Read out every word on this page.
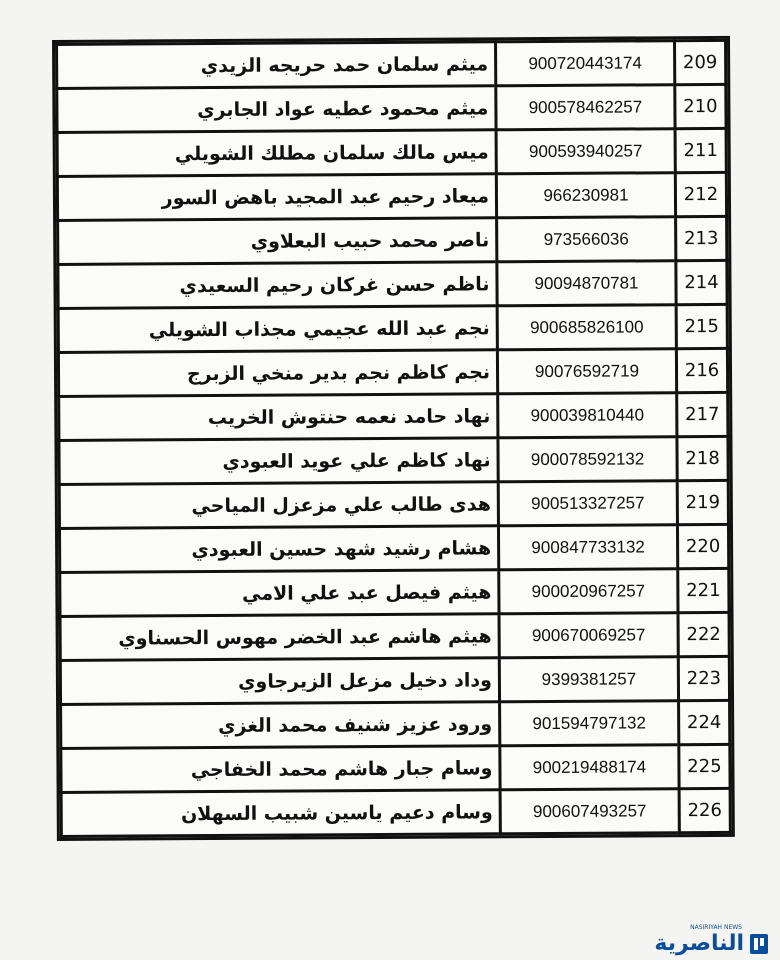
209	900720443174	ميثم سلمان حمد حريجه الزيدي
210	900578462257	ميثم محمود عطيه عواد الجابري
211	900593940257	ميس مالك سلمان مطلك الشويلي
212	966230981	ميعاد رحيم عبد المجيد باهض السور
213	973566036	ناصر محمد حبيب البعلاوي
214	90094870781	ناظم حسن غركان رحيم السعيدي
215	900685826100	نجم عبد الله عجيمي مجذاب الشويلي
216	90076592719	نجم كاظم نجم بدير منخي الزبرج
217	900039810440	نهاد حامد نعمه حنتوش الخريب
218	900078592132	نهاد كاظم علي عويد العبودي
219	900513327257	هدى طالب علي مزعزل المياحي
220	900847733132	هشام رشيد شهد حسين العبودي
221	900020967257	هيثم فيصل عبد علي الامي
222	900670069257	هيثم هاشم عبد الخضر مهوس الحسناوي
223	9399381257	وداد دخيل مزعل الزيرجاوي
224	901594797132	ورود عزيز شنيف محمد الغزي
225	900219488174	وسام جبار هاشم محمد الخفاجي
226	900607493257	وسام دعيم ياسين شبيب السهلان
الناصرية
NASIRIYAH NEWS
